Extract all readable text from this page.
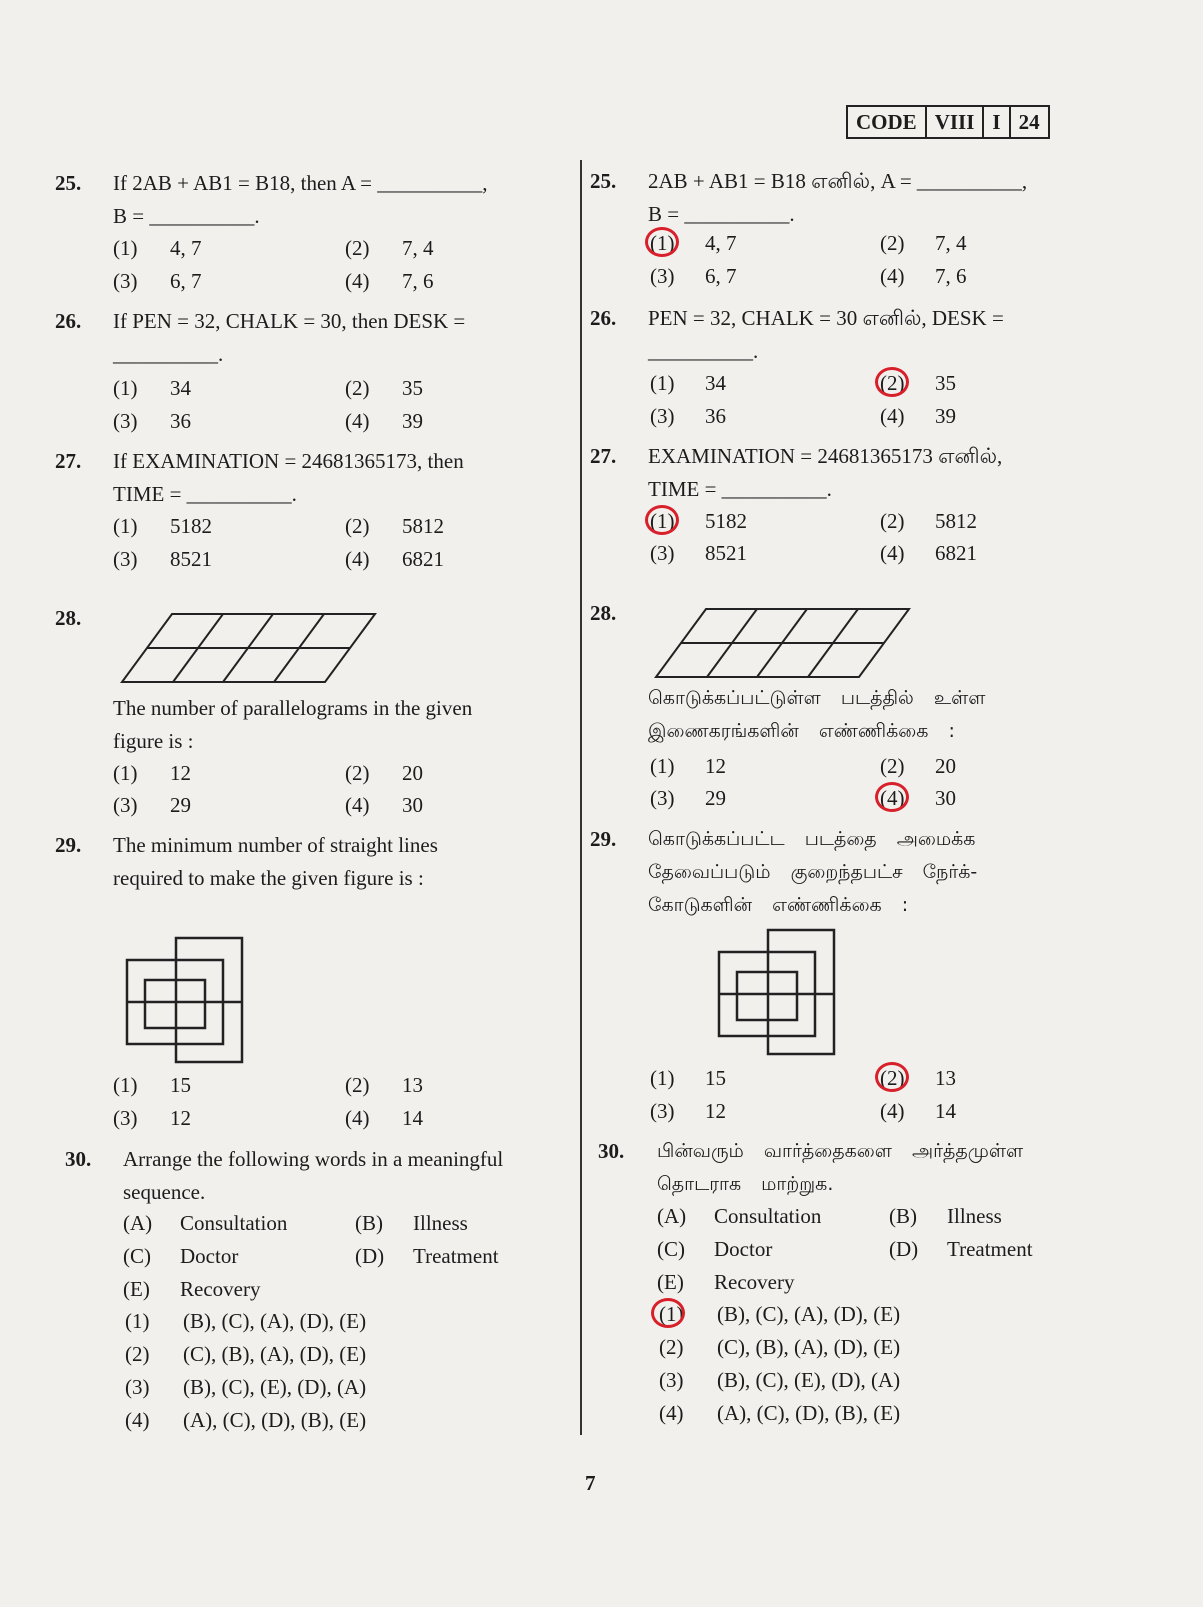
CODE VIII I 24
7
25. If 2AB + AB1 = B18, then A = __________,
B = __________.
(1) 4, 7	(2) 7, 4
(3) 6, 7	(4) 7, 6
26. If PEN = 32, CHALK = 30, then DESK =
__________.
(1) 34	(2) 35
(3) 36	(4) 39
27. If EXAMINATION = 24681365173, then
TIME = __________.
(1) 5182	(2) 5812
(3) 8521	(4) 6821
28.
The number of parallelograms in the given
figure is :
(1) 12	(2) 20
(3) 29	(4) 30
29. The minimum number of straight lines
required to make the given figure is :
(1) 15	(2) 13
(3) 12	(4) 14
30. Arrange the following words in a meaningful
sequence.
(A) Consultation	(B) Illness
(C) Doctor	(D) Treatment
(E) Recovery
(1) (B), (C), (A), (D), (E)
(2) (C), (B), (A), (D), (E)
(3) (B), (C), (E), (D), (A)
(4) (A), (C), (D), (B), (E)
25. 2AB + AB1 = B18 எனில், A = __________,
B = __________.
(1) 4, 7	(2) 7, 4
(3) 6, 7	(4) 7, 6
26. PEN = 32, CHALK = 30 எனில், DESK =
__________.
(1) 34	(2) 35
(3) 36	(4) 39
27. EXAMINATION = 24681365173 எனில்,
TIME = __________.
(1) 5182	(2) 5812
(3) 8521	(4) 6821
28.
கொடுக்கப்பட்டுள்ள படத்தில் உள்ள
இணைகரங்களின் எண்ணிக்கை :
(1) 12	(2) 20
(3) 29	(4) 30
29. கொடுக்கப்பட்ட படத்தை அமைக்க
தேவைப்படும் குறைந்தபட்ச நேர்க்-
கோடுகளின் எண்ணிக்கை :
(1) 15	(2) 13
(3) 12	(4) 14
30. பின்வரும் வார்த்தைகளை அர்த்தமுள்ள
தொடராக மாற்றுக.
(A) Consultation	(B) Illness
(C) Doctor	(D) Treatment
(E) Recovery
(1) (B), (C), (A), (D), (E)
(2) (C), (B), (A), (D), (E)
(3) (B), (C), (E), (D), (A)
(4) (A), (C), (D), (B), (E)
